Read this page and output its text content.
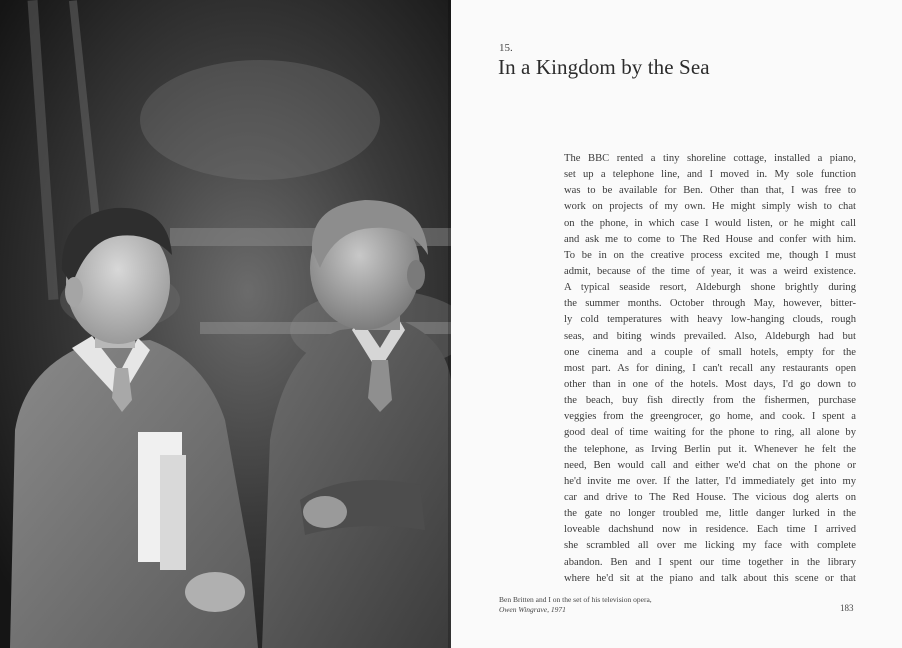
15.
In a Kingdom by the Sea
The BBC rented a tiny shoreline cottage, installed a piano,
set up a telephone line, and I moved in. My sole function
was to be available for Ben. Other than that, I was free to
work on projects of my own. He might simply wish to chat
on the phone, in which case I would listen, or he might call
and ask me to come to The Red House and confer with him.
To be in on the creative process excited me, though I must
admit, because of the time of year, it was a weird existence.
A typical seaside resort, Aldeburgh shone brightly during
the summer months. October through May, however, bitter-
ly cold temperatures with heavy low-hanging clouds, rough
seas, and biting winds prevailed. Also, Aldeburgh had but
one cinema and a couple of small hotels, empty for the
most part. As for dining, I can't recall any restaurants open
other than in one of the hotels. Most days, I'd go down to
the beach, buy fish directly from the fishermen, purchase
veggies from the greengrocer, go home, and cook. I spent a
good deal of time waiting for the phone to ring, all alone by
the telephone, as Irving Berlin put it. Whenever he felt the
need, Ben would call and either we'd chat on the phone or
he'd invite me over. If the latter, I'd immediately get into my
car and drive to The Red House. The vicious dog alerts on
the gate no longer troubled me, little danger lurked in the
loveable dachshund now in residence. Each time I arrived
she scrambled all over me licking my face with complete
abandon. Ben and I spent our time together in the library
where he'd sit at the piano and talk about this scene or that
Ben Britten and I on the set of his television opera,
Owen Wingrave, 1971	183
